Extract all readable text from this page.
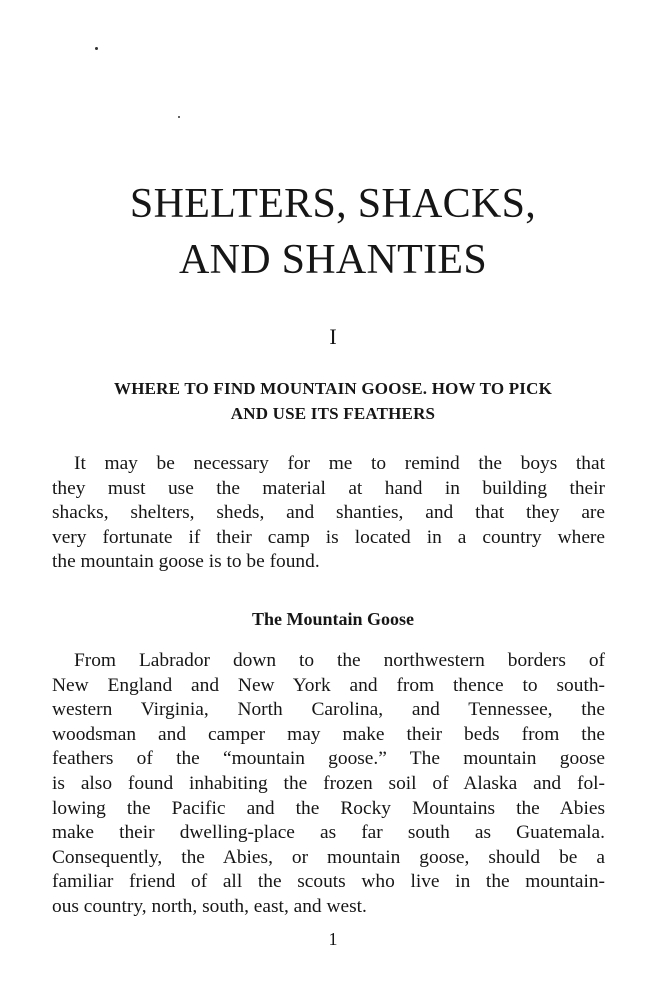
SHELTERS, SHACKS,
AND SHANTIES
I
WHERE TO FIND MOUNTAIN GOOSE. HOW TO PICK
AND USE ITS FEATHERS
It may be necessary for me to remind the boys that
they must use the material at hand in building their
shacks, shelters, sheds, and shanties, and that they are
very fortunate if their camp is located in a country where
the mountain goose is to be found.
The Mountain Goose
From Labrador down to the northwestern borders of
New England and New York and from thence to south-
western Virginia, North Carolina, and Tennessee, the
woodsman and camper may make their beds from the
feathers of the “mountain goose.” The mountain goose
is also found inhabiting the frozen soil of Alaska and fol-
lowing the Pacific and the Rocky Mountains the Abies
make their dwelling-place as far south as Guatemala.
Consequently, the Abies, or mountain goose, should be a
familiar friend of all the scouts who live in the mountain-
ous country, north, south, east, and west.
1
